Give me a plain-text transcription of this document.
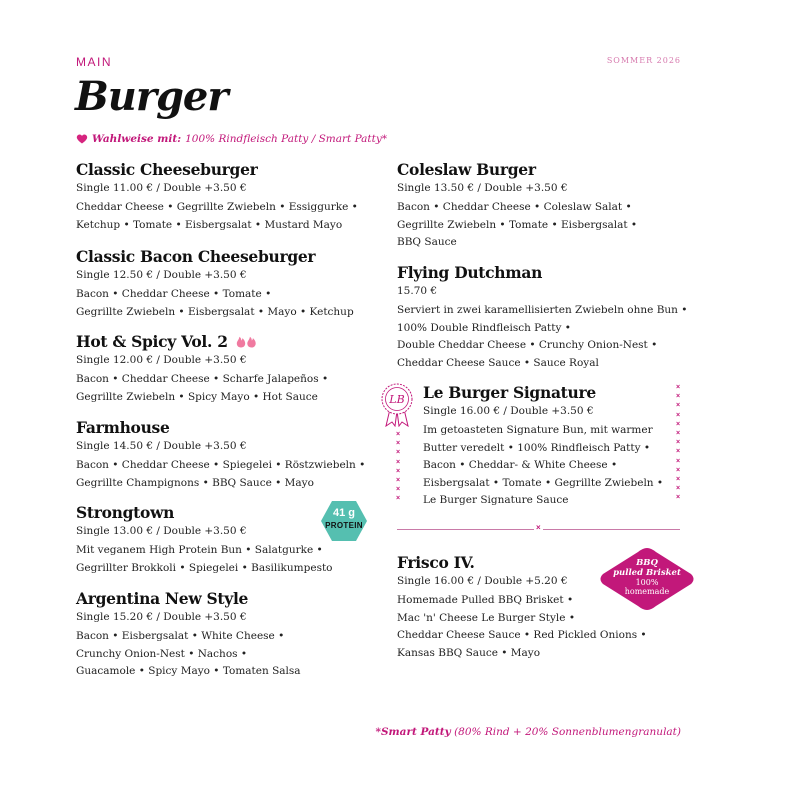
MAIN	SOMMER 2026
Burger
Wahlweise mit: 100% Rindfleisch Patty / Smart Patty*
Classic Cheeseburger
Single 11.00 € / Double +3.50 €
Cheddar Cheese • Gegrillte Zwiebeln • Essiggurke •
Ketchup • Tomate • Eisbergsalat • Mustard Mayo
Classic Bacon Cheeseburger
Single 12.50 € / Double +3.50 €
Bacon • Cheddar Cheese • Tomate •
Gegrillte Zwiebeln • Eisbergsalat • Mayo • Ketchup
Hot & Spicy Vol. 2
Single 12.00 € / Double +3.50 €
Bacon • Cheddar Cheese • Scharfe Jalapeños •
Gegrillte Zwiebeln • Spicy Mayo • Hot Sauce
Farmhouse
Single 14.50 € / Double +3.50 €
Bacon • Cheddar Cheese • Spiegelei • Röstzwiebeln •
Gegrillte Champignons • BBQ Sauce • Mayo
Strongtown
Single 13.00 € / Double +3.50 €
Mit veganem High Protein Bun • Salatgurke •
Gegrillter Brokkoli • Spiegelei • Basilikumpesto
Argentina New Style
Single 15.20 € / Double +3.50 €
Bacon • Eisbergsalat • White Cheese •
Crunchy Onion-Nest • Nachos •
Guacamole • Spicy Mayo • Tomaten Salsa
41 g
PROTEIN
Coleslaw Burger
Single 13.50 € / Double +3.50 €
Bacon • Cheddar Cheese • Coleslaw Salat •
Gegrillte Zwiebeln • Tomate • Eisbergsalat •
BBQ Sauce
Flying Dutchman
15.70 €
Serviert in zwei karamellisierten Zwiebeln ohne Bun •
100% Double Rindfleisch Patty •
Double Cheddar Cheese • Crunchy Onion-Nest •
Cheddar Cheese Sauce • Sauce Royal
LB
×
×
×
×
×
×
×
×
×
×
×
×
×
×
×
×
×
×
×
×
×
Le Burger Signature
Single 16.00 € / Double +3.50 €
Im getoasteten Signature Bun, mit warmer
Butter veredelt • 100% Rindfleisch Patty •
Bacon • Cheddar- & White Cheese •
Eisbergsalat • Tomate • Gegrillte Zwiebeln •
Le Burger Signature Sauce
×
Frisco IV.
Single 16.00 € / Double +5.20 €
Homemade Pulled BBQ Brisket •
Mac 'n' Cheese Le Burger Style •
Cheddar Cheese Sauce • Red Pickled Onions •
Kansas BBQ Sauce • Mayo
BBQ
pulled Brisket
100%
homemade
*Smart Patty (80% Rind + 20% Sonnenblumengranulat)
